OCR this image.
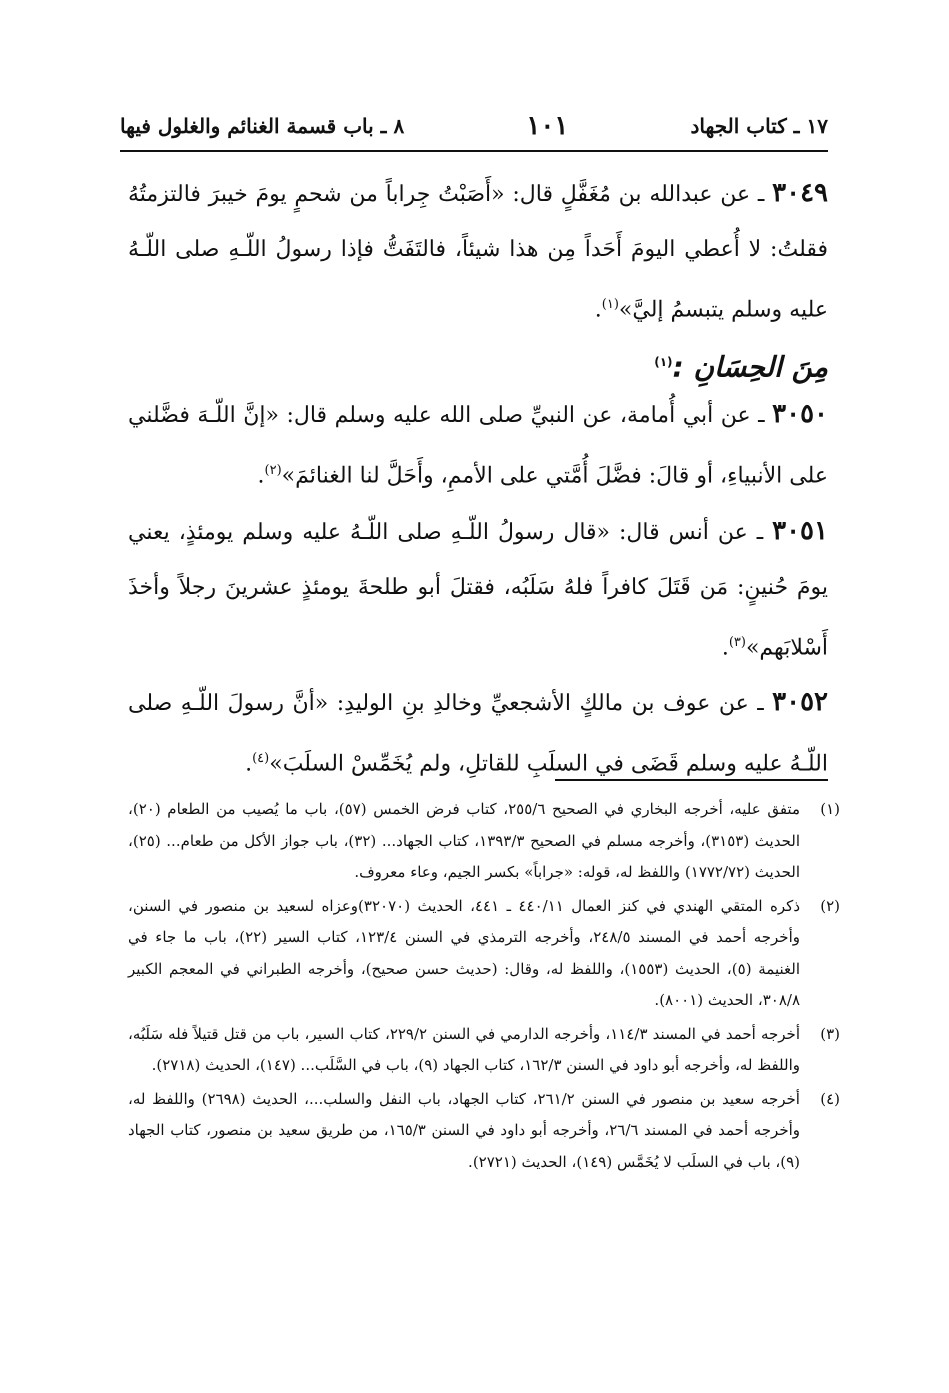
١٧ ـ كتاب الجهاد
١٠١
٨ ـ باب قسمة الغنائم والغلول فيها

٣٠٤٩ ـ عن عبدالله بن مُغَفَّلٍ قال: «أَصَبْتُ جِراباً من شحمٍ يومَ خيبرَ فالتزمتُهُ فقلتُ: لا أُعطي اليومَ أَحَداً مِن هذا شيئاً، فالتَفَتُّ فإذا رسولُ اللّـهِ صلى اللّـهُ عليه وسلم يتبسمُ إليَّ»$^{(١)}$.

مِنَ الحِسَانِ :$^{(١)}$

٣٠٥٠ ـ عن أبي أُمامة، عن النبيِّ صلى الله عليه وسلم قال: «إنَّ اللّـهَ فضَّلني على الأنبياءِ، أو قالَ: فضَّلَ أُمَّتي على الأممِ، وأَحَلَّ لنا الغنائمَ»$^{(٢)}$.

٣٠٥١ ـ عن أنس قال: «قال رسولُ اللّـهِ صلى اللّـهُ عليه وسلم يومئذٍ، يعني يومَ حُنينٍ: مَن قَتَلَ كافراً فلهُ سَلَبُه، فقتلَ أبو طلحةَ يومئذٍ عشرينَ رجلاً وأخذَ أَسْلابَهم»$^{(٣)}$.

٣٠٥٢ ـ عن عوف بن مالكٍ الأشجعيِّ وخالدِ بنِ الوليدِ: «أنَّ رسولَ اللّـهِ صلى اللّـهُ عليه وسلم قَضَى في السلَبِ للقاتلِ، ولم يُخَمِّسْ السلَبَ»$^{(٤)}$.

(١)
متفق عليه، أخرجه البخاري في الصحيح ٢٥٥/٦، كتاب فرض الخمس (٥٧)، باب ما يُصيب من الطعام (٢٠)، الحديث (٣١٥٣)، وأخرجه مسلم في الصحيح ١٣٩٣/٣، كتاب الجهاد... (٣٢)، باب جواز الأكل من طعام... (٢٥)، الحديث (١٧٧٢/٧٢) واللفظ له، قوله: «جراباً» بكسر الجيم، وعاء معروف.
(٢)
ذكره المتقي الهندي في كنز العمال ٤٤٠/١١ ـ ٤٤١، الحديث (٣٢٠٧٠)وعزاه لسعيد بن منصور في السنن، وأخرجه أحمد في المسند ٢٤٨/٥، وأخرجه الترمذي في السنن ١٢٣/٤، كتاب السير (٢٢)، باب ما جاء في الغنيمة (٥)، الحديث (١٥٥٣)، واللفظ له، وقال: (حديث حسن صحيح)، وأخرجه الطبراني في المعجم الكبير ٣٠٨/٨، الحديث (٨٠٠١).
(٣)
أخرجه أحمد في المسند ١١٤/٣، وأخرجه الدارمي في السنن ٢٢٩/٢، كتاب السير، باب من قتل قتيلاً فله سَلَبُه، واللفظ له، وأخرجه أبو داود في السنن ١٦٢/٣، كتاب الجهاد (٩)، باب في السَّلَب... (١٤٧)، الحديث (٢٧١٨).
(٤)
أخرجه سعيد بن منصور في السنن ٢٦١/٢، كتاب الجهاد، باب النفل والسلب...، الحديث (٢٦٩٨) واللفظ له، وأخرجه أحمد في المسند ٢٦/٦، وأخرجه أبو داود في السنن ١٦٥/٣، من طريق سعيد بن منصور، كتاب الجهاد (٩)، باب في السلَب لا يُخَمَّس (١٤٩)، الحديث (٢٧٢١).
